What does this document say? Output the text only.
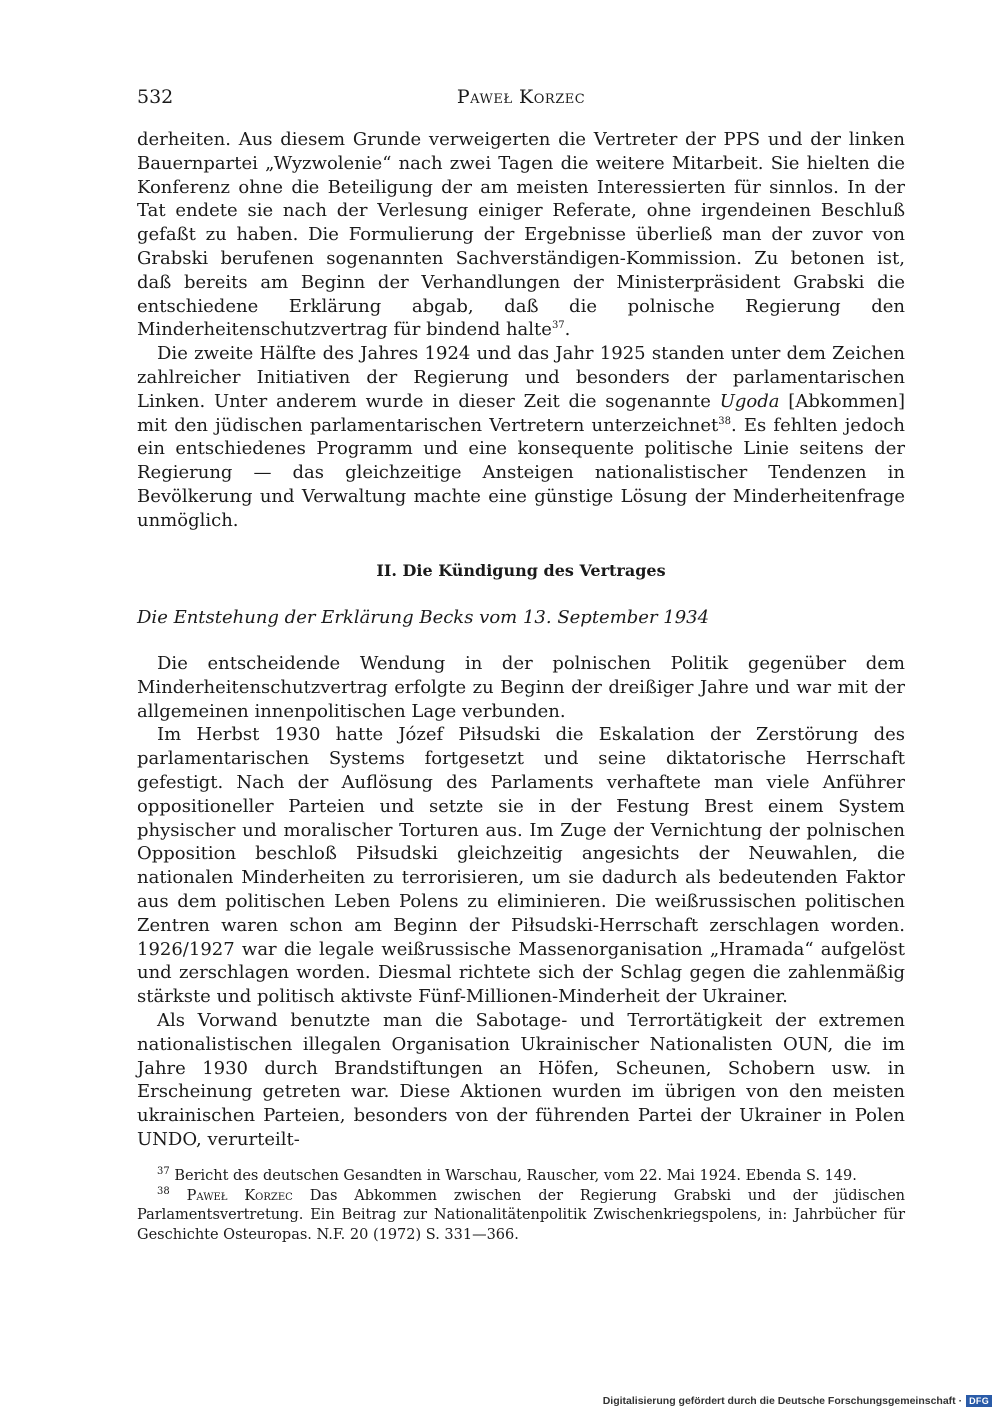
532	Paweł Korzec

derheiten. Aus diesem Grunde verweigerten die Vertreter der PPS und der linken Bauernpartei „Wyzwolenie“ nach zwei Tagen die weitere Mitarbeit. Sie hielten die Konferenz ohne die Beteiligung der am meisten Interessierten für sinnlos. In der Tat endete sie nach der Verlesung einiger Referate, ohne irgendeinen Beschluß gefaßt zu haben. Die Formulierung der Ergebnisse überließ man der zuvor von Grabski berufenen sogenannten Sachverständigen-Kommission. Zu betonen ist, daß bereits am Beginn der Verhandlungen der Ministerpräsident Grabski die entschiedene Erklärung abgab, daß die polnische Regierung den Minderheitenschutzvertrag für bindend halte$^{37}$.

Die zweite Hälfte des Jahres 1924 und das Jahr 1925 standen unter dem Zeichen zahlreicher Initiativen der Regierung und besonders der parlamentarischen Linken. Unter anderem wurde in dieser Zeit die sogenannte Ugoda [Abkommen] mit den jüdischen parlamentarischen Vertretern unterzeichnet$^{38}$. Es fehlten jedoch ein entschiedenes Programm und eine konsequente politische Linie seitens der Regierung — das gleichzeitige Ansteigen nationalistischer Tendenzen in Bevölkerung und Verwaltung machte eine günstige Lösung der Minderheitenfrage unmöglich.

II. Die Kündigung des Vertrages
Die Entstehung der Erklärung Becks vom 13. September 1934

Die entscheidende Wendung in der polnischen Politik gegenüber dem Minderheitenschutzvertrag erfolgte zu Beginn der dreißiger Jahre und war mit der allgemeinen innenpolitischen Lage verbunden.

Im Herbst 1930 hatte Józef Piłsudski die Eskalation der Zerstörung des parlamentarischen Systems fortgesetzt und seine diktatorische Herrschaft gefestigt. Nach der Auflösung des Parlaments verhaftete man viele Anführer oppositioneller Parteien und setzte sie in der Festung Brest einem System physischer und moralischer Torturen aus. Im Zuge der Vernichtung der polnischen Opposition beschloß Piłsudski gleichzeitig angesichts der Neuwahlen, die nationalen Minderheiten zu terrorisieren, um sie dadurch als bedeutenden Faktor aus dem politischen Leben Polens zu eliminieren. Die weißrussischen politischen Zentren waren schon am Beginn der Piłsudski-Herrschaft zerschlagen worden. 1926/1927 war die legale weißrussische Massenorganisation „Hramada“ aufgelöst und zerschlagen worden. Diesmal richtete sich der Schlag gegen die zahlenmäßig stärkste und politisch aktivste Fünf-Millionen-Minderheit der Ukrainer.

Als Vorwand benutzte man die Sabotage- und Terrortätigkeit der extremen nationalistischen illegalen Organisation Ukrainischer Nationalisten OUN, die im Jahre 1930 durch Brandstiftungen an Höfen, Scheunen, Schobern usw. in Erscheinung getreten war. Diese Aktionen wurden im übrigen von den meisten ukrainischen Parteien, besonders von der führenden Partei der Ukrainer in Polen UNDO, verurteilt-

$^{37}$ Bericht des deutschen Gesandten in Warschau, Rauscher, vom 22. Mai 1924. Ebenda S. 149.

$^{38}$ Paweł Korzec Das Abkommen zwischen der Regierung Grabski und der jüdischen Parlamentsvertretung. Ein Beitrag zur Nationalitätenpolitik Zwischenkriegspolens, in: Jahrbücher für Geschichte Osteuropas. N.F. 20 (1972) S. 331—366.

Digitalisierung gefördert durch die Deutsche Forschungsgemeinschaft · DFG
